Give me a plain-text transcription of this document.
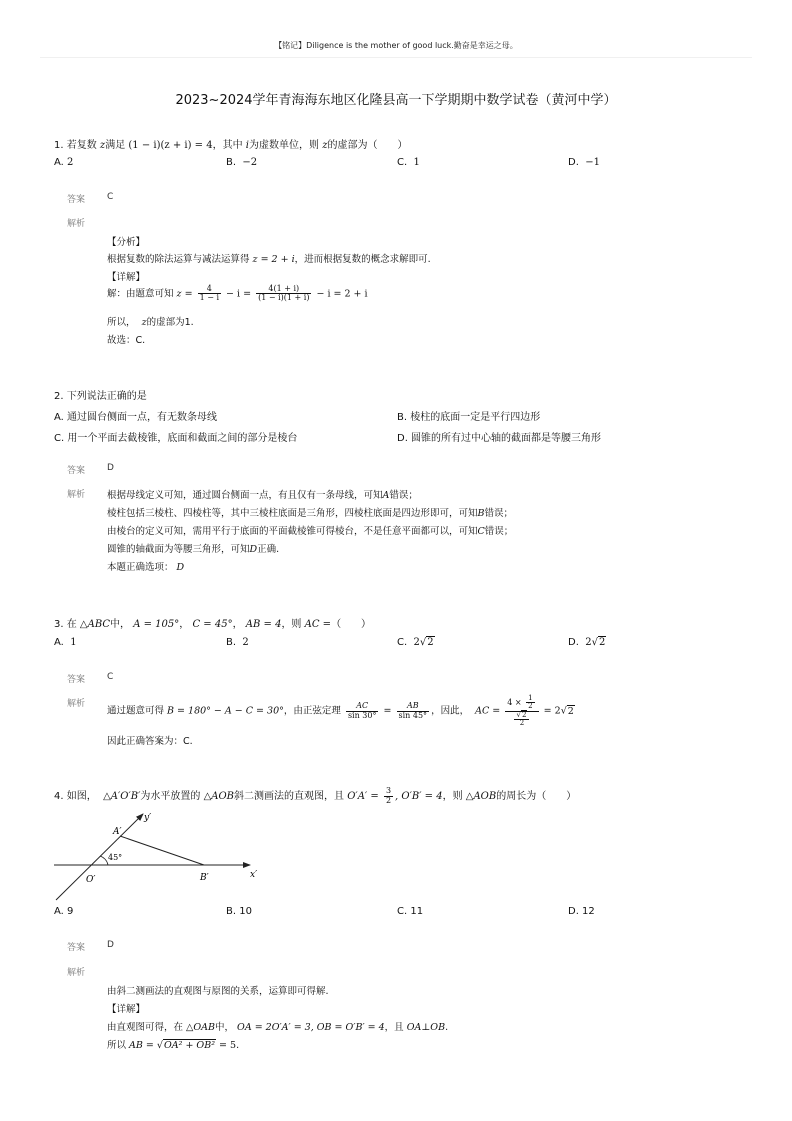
【铭记】Diligence is the mother of good luck.勤奋是幸运之母。
2023~2024学年青海海东地区化隆县高一下学期期中数学试卷（黄河中学）
1. 若复数 z满足 (1 − i)(z + i) = 4，其中 i为虚数单位，则 z的虚部为（　　）
A. 2	B. −2	C. 1	D. −1
答案 C
解析
【分析】
根据复数的除法运算与减法运算得 z = 2 + i，进而根据复数的概念求解即可.
【详解】
解：由题意可知 $z = \frac{4}{1 - i} - i = \frac{4(1 + i)}{(1 - i)(1 + i)} - i = 2 + i$
所以， z的虚部为1.
故选：C.
2. 下列说法正确的是
A. 通过圆台侧面一点，有无数条母线	B. 棱柱的底面一定是平行四边形
C. 用一个平面去截棱锥，底面和截面之间的部分是棱台	D. 圆锥的所有过中心轴的截面都是等腰三角形
答案 D
解析 根据母线定义可知，通过圆台侧面一点，有且仅有一条母线，可知A错误；
棱柱包括三棱柱、四棱柱等，其中三棱柱底面是三角形，四棱柱底面是四边形即可，可知B错误；
由棱台的定义可知，需用平行于底面的平面截棱锥可得棱台，不是任意平面都可以，可知C错误；
圆锥的轴截面为等腰三角形，可知D正确.
本题正确选项： D
3. 在 △ABC中， A = 105°， C = 45°， AB = 4，则 AC =（　　）
A. 1	B. 2	C. 2√2	D. 2√2
答案 C
解析
通过题意可得 B = 180° − A − C = 30°，由正弦定理 $\frac{AC}{\sin 30^\circ} = \frac{AB}{\sin 45^\circ}$ ，因此， AC = $\frac{4 \times \frac{1}{2}}{\frac{√2}{2}} = 2√2$
因此正确答案为：C.
4. 如图， △A′O′B′为水平放置的 △AOB斜二测画法的直观图，且 $O'A' = \frac{3}{2}$ , O′B′ = 4，则 △AOB的周长为（　　）
45°
y′
x′
A′
O′	B′
A. 9	B. 10	C. 11	D. 12
答案 D
解析
由斜二测画法的直观图与原图的关系，运算即可得解.
【详解】
由直观图可得，在 △OAB中， OA = 2O′A′ = 3, OB = O′B′ = 4，且 OA⊥OB.
所以 AB = √OA² + OB² = 5.
